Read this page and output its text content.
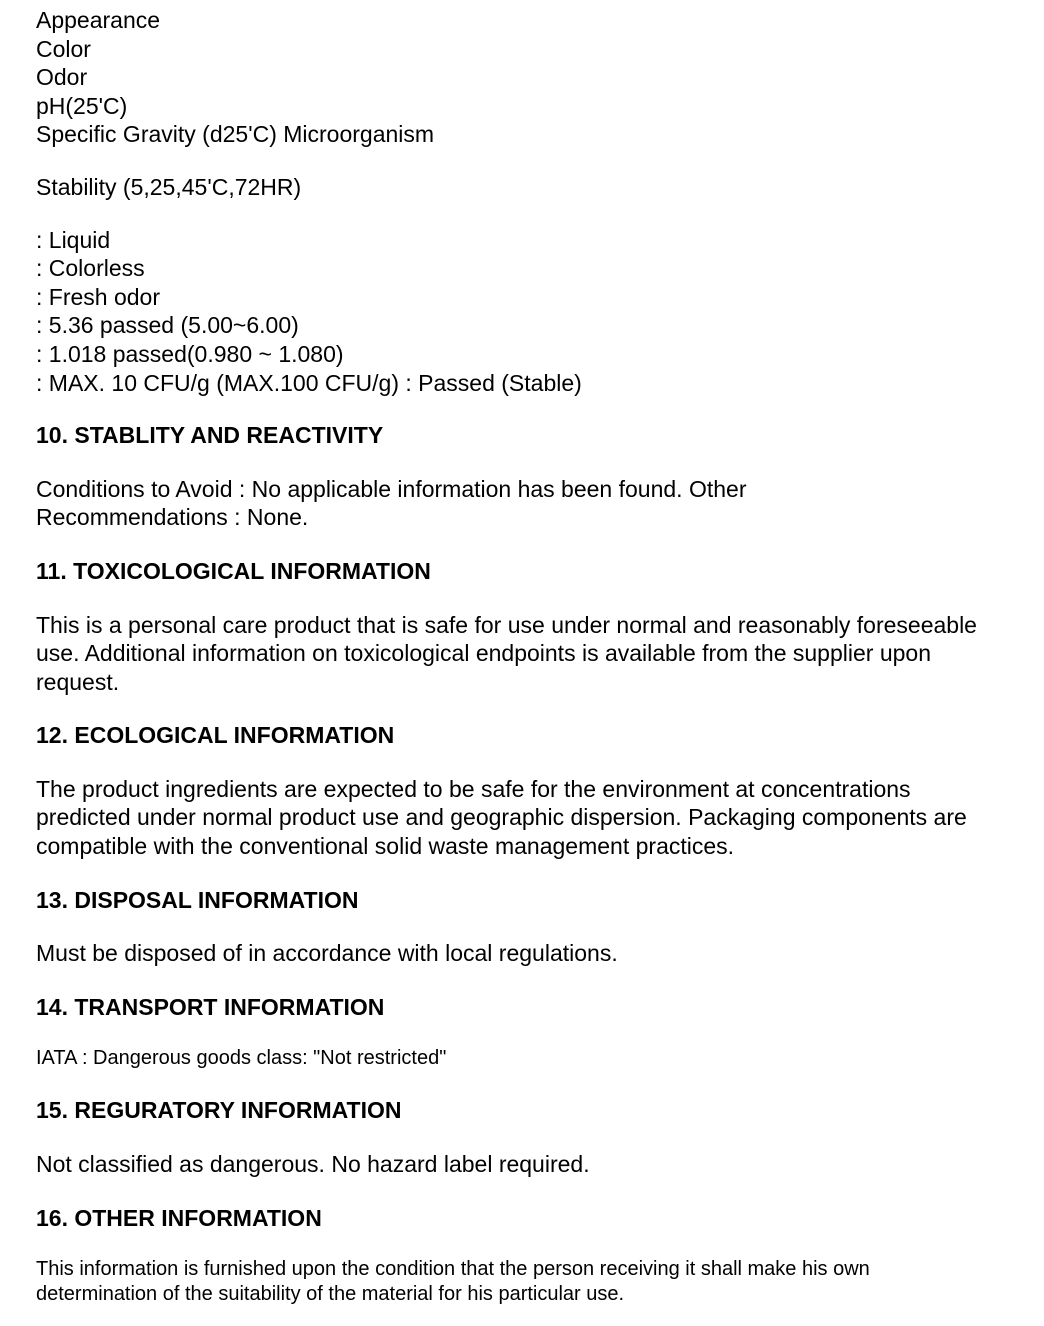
Appearance
Color
Odor
pH(25'C)
Specific Gravity (d25'C) Microorganism
Stability (5,25,45'C,72HR)
: Liquid
: Colorless
: Fresh odor
: 5.36 passed (5.00~6.00)
: 1.018 passed(0.980 ~ 1.080)
: MAX. 10 CFU/g (MAX.100 CFU/g) : Passed (Stable)
10. STABLITY AND REACTIVITY

Conditions to Avoid : No applicable information has been found. Other Recommendations : None.

11. TOXICOLOGICAL INFORMATION

This is a personal care product that is safe for use under normal and reasonably foreseeable use. Additional information on toxicological endpoints is available from the supplier upon request.

12. ECOLOGICAL INFORMATION

The product ingredients are expected to be safe for the environment at concentrations predicted under normal product use and geographic dispersion. Packaging components are compatible with the conventional solid waste management practices.

13. DISPOSAL INFORMATION

Must be disposed of in accordance with local regulations.

14. TRANSPORT INFORMATION

IATA : Dangerous goods class: "Not restricted"

15. REGURATORY INFORMATION

Not classified as dangerous. No hazard label required.

16. OTHER INFORMATION

This information is furnished upon the condition that the person receiving it shall make his own determination of the suitability of the material for his particular use.
